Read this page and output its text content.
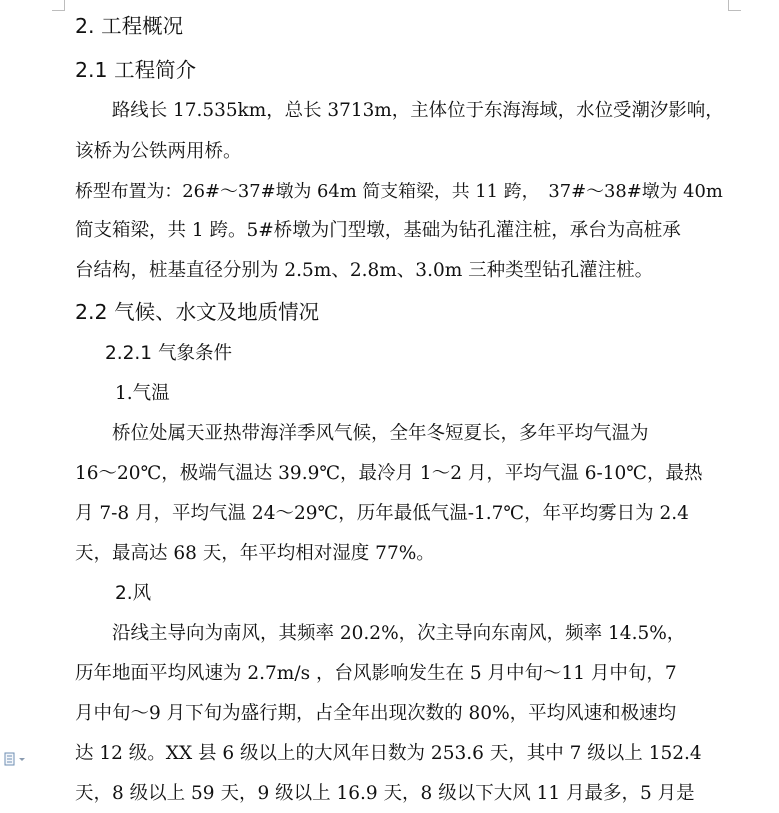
2. 工程概况
2.1 工程简介
　　路线长 17.535km，总长 3713m，主体位于东海海域，水位受潮汐影响，
该桥为公铁两用桥。
桥型布置为：26#～37#墩为 64m 简支箱梁，共 11 跨，　37#～38#墩为 40m
简支箱梁，共 1 跨。5#桥墩为门型墩，基础为钻孔灌注桩，承台为高桩承
台结构，桩基直径分别为 2.5m、2.8m、3.0m 三种类型钻孔灌注桩。
2.2 气候、水文及地质情况
2.2.1 气象条件
1.气温
　　桥位处属天亚热带海洋季风气候，全年冬短夏长，多年平均气温为
16～20℃，极端气温达 39.9℃，最冷月 1～2 月，平均气温 6-10℃，最热
月 7-8 月，平均气温 24～29℃，历年最低气温-1.7℃，年平均雾日为 2.4
天，最高达 68 天，年平均相对湿度 77%。
2.风
　　沿线主导向为南风，其频率 20.2%，次主导向东南风，频率 14.5%，
历年地面平均风速为 2.7m/s ，台风影响发生在 5 月中旬～11 月中旬，7
月中旬～9 月下旬为盛行期，占全年出现次数的 80%，平均风速和极速均
达 12 级。XX 县 6 级以上的大风年日数为 253.6 天，其中 7 级以上 152.4
天，8 级以上 59 天，9 级以上 16.9 天，8 级以下大风 11 月最多，5 月是
